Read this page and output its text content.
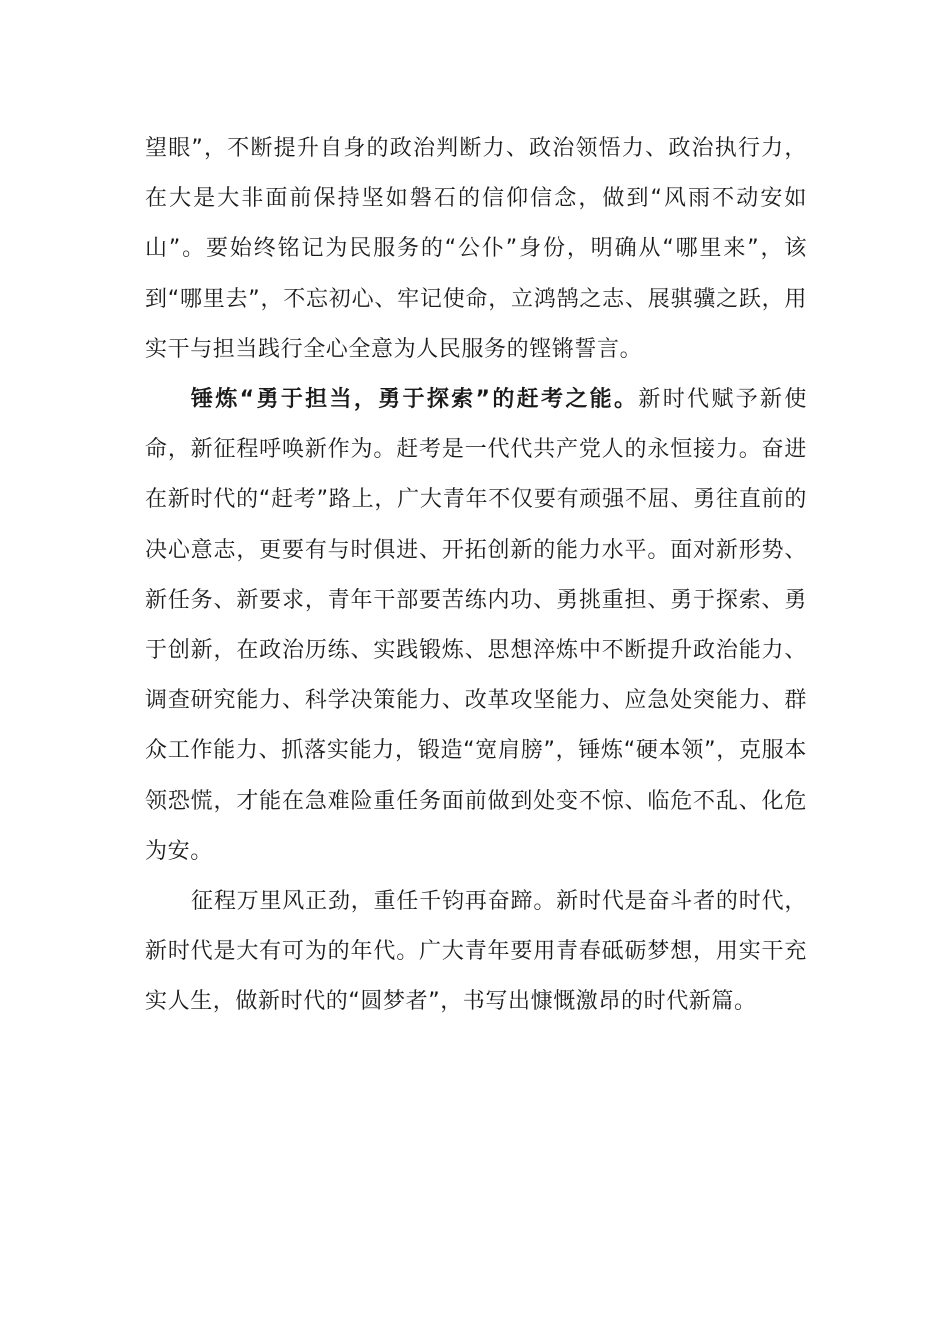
望眼”，不断提升自身的政治判断力、政治领悟力、政治执行力，在大是大非面前保持坚如磐石的信仰信念，做到“风雨不动安如山”。要始终铭记为民服务的“公仆”身份，明确从“哪里来”，该到“哪里去”，不忘初心、牢记使命，立鸿鹄之志、展骐骥之跃，用实干与担当践行全心全意为人民服务的铿锵誓言。

锤炼“勇于担当，勇于探索”的赶考之能。新时代赋予新使命，新征程呼唤新作为。赶考是一代代共产党人的永恒接力。奋进在新时代的“赶考”路上，广大青年不仅要有顽强不屈、勇往直前的决心意志，更要有与时俱进、开拓创新的能力水平。面对新形势、新任务、新要求，青年干部要苦练内功、勇挑重担、勇于探索、勇于创新，在政治历练、实践锻炼、思想淬炼中不断提升政治能力、调查研究能力、科学决策能力、改革攻坚能力、应急处突能力、群众工作能力、抓落实能力，锻造“宽肩膀”，锤炼“硬本领”，克服本领恐慌，才能在急难险重任务面前做到处变不惊、临危不乱、化危为安。

征程万里风正劲，重任千钧再奋蹄。新时代是奋斗者的时代，新时代是大有可为的年代。广大青年要用青春砥砺梦想，用实干充实人生，做新时代的“圆梦者”，书写出慷慨激昂的时代新篇。
